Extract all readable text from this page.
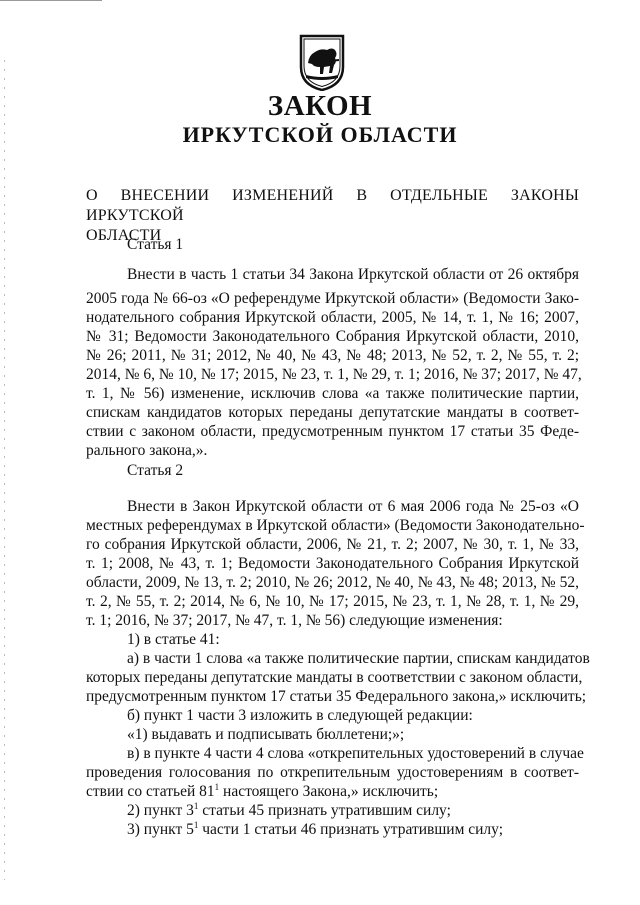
ЗАКОН
ИРКУТСКОЙ ОБЛАСТИ
О ВНЕСЕНИИ ИЗМЕНЕНИЙ В ОТДЕЛЬНЫЕ ЗАКОНЫ ИРКУТСКОЙ
ОБЛАСТИ
Статья 1
Внести в часть 1 статьи 34 Закона Иркутской области от 26 октября
2005 года № 66-оз «О референдуме Иркутской области» (Ведомости Зако-
нодательного собрания Иркутской области, 2005, № 14, т. 1, № 16; 2007,
№ 31; Ведомости Законодательного Собрания Иркутской области, 2010,
№ 26; 2011, № 31; 2012, № 40, № 43, № 48; 2013, № 52, т. 2, № 55, т. 2;
2014, № 6, № 10, № 17; 2015, № 23, т. 1, № 29, т. 1; 2016, № 37; 2017, № 47,
т. 1, № 56) изменение, исключив слова «а также политические партии,
спискам кандидатов которых переданы депутатские мандаты в соответ-
ствии с законом области, предусмотренным пунктом 17 статьи 35 Феде-
рального закона,».
Статья 2
Внести в Закон Иркутской области от 6 мая 2006 года № 25-оз «О
местных референдумах в Иркутской области» (Ведомости Законодательно-
го собрания Иркутской области, 2006, № 21, т. 2; 2007, № 30, т. 1, № 33,
т. 1; 2008, № 43, т. 1; Ведомости Законодательного Собрания Иркутской
области, 2009, № 13, т. 2; 2010, № 26; 2012, № 40, № 43, № 48; 2013, № 52,
т. 2, № 55, т. 2; 2014, № 6, № 10, № 17; 2015, № 23, т. 1, № 28, т. 1, № 29,
т. 1; 2016, № 37; 2017, № 47, т. 1, № 56) следующие изменения:
1) в статье 41:
а) в части 1 слова «а также политические партии, спискам кандидатов
которых переданы депутатские мандаты в соответствии с законом области,
предусмотренным пунктом 17 статьи 35 Федерального закона,» исключить;
б) пункт 1 части 3 изложить в следующей редакции:
«1) выдавать и подписывать бюллетени;»;
в) в пункте 4 части 4 слова «открепительных удостоверений в случае
проведения голосования по открепительным удостоверениям в соответ-
ствии со статьей $81^1$ настоящего Закона,» исключить;
2) пункт $3^1$ статьи 45 признать утратившим силу;
3) пункт $5^1$ части 1 статьи 46 признать утратившим силу;
